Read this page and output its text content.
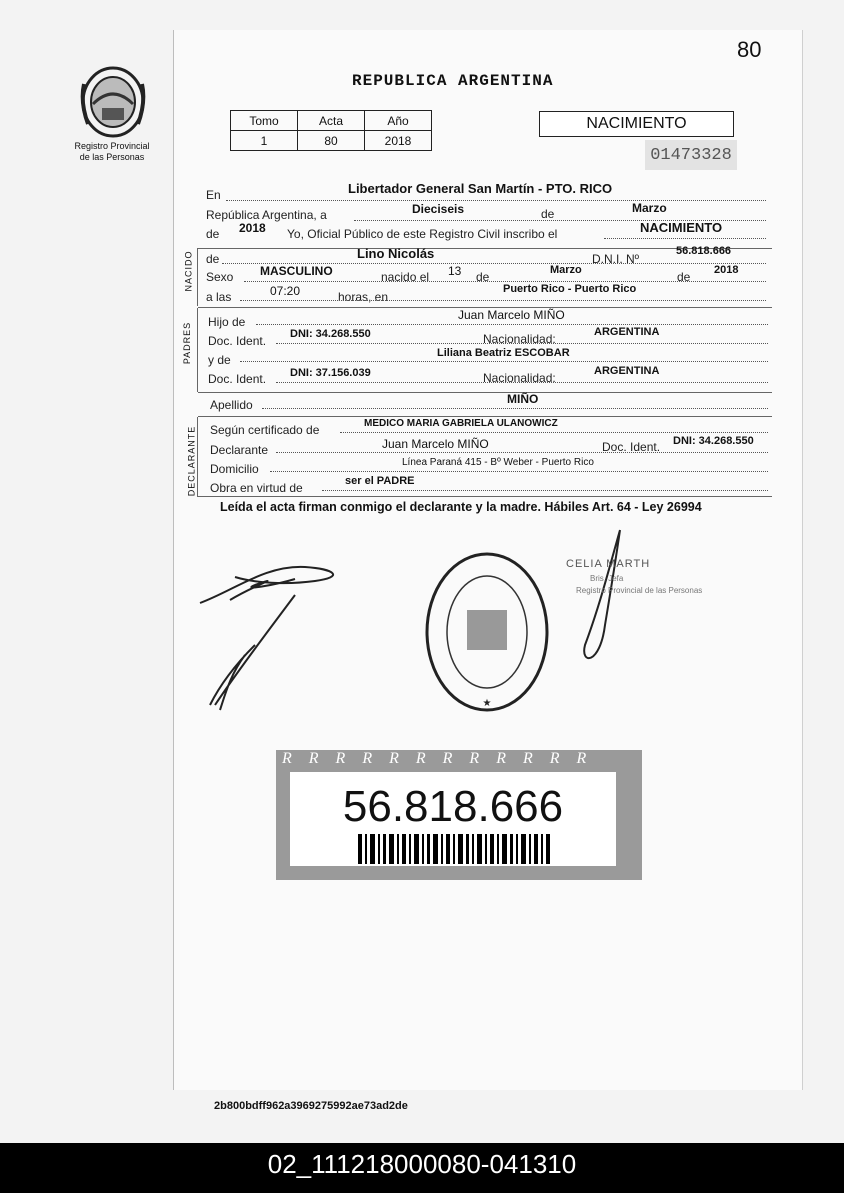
Registro Provincial
de las Personas
80
REPUBLICA ARGENTINA
Tomo	Acta	Año
1	80	2018
NACIMIENTO
01473328
En	Libertador General San Martín - PTO. RICO
República Argentina, a	Dieciseis	de	Marzo
de 2018 Yo, Oficial Público de este Registro Civil inscribo el	NACIMIENTO
NACIDO de	Lino Nicolás	D.N.I. Nº
56.818.666
Sexo MASCULINO	nacido el 13 de	Marzo	de 2018
a las	07:20	horas, en
Puerto Rico - Puerto Rico
PADRES Hijo de	Juan Marcelo MIÑO
Doc. Ident. DNI: 34.268.550	Nacionalidad:	ARGENTINA
y de	Liliana Beatriz ESCOBAR
Doc. Ident. DNI: 37.156.039	Nacionalidad:	ARGENTINA
Apellido	MIÑO
DECLARANTE Según certificado de	MEDICO MARIA GABRIELA ULANOWICZ
Declarante	Juan Marcelo MIÑO	Doc. Ident. DNI: 34.268.550
Domicilio	Línea Paraná 415 - Bº Weber - Puerto Rico
Obra en virtud de	ser el PADRE
Leída el acta firman conmigo el declarante y la madre. Hábiles Art. 64 - Ley 26994
★
CELIA MARTH
Bris. Jefa
Registro Provincial de las Personas
RRRRRRRRRRRR
56.818.666
2b800bdff962a3969275992ae73ad2de
02_111218000080-041310
